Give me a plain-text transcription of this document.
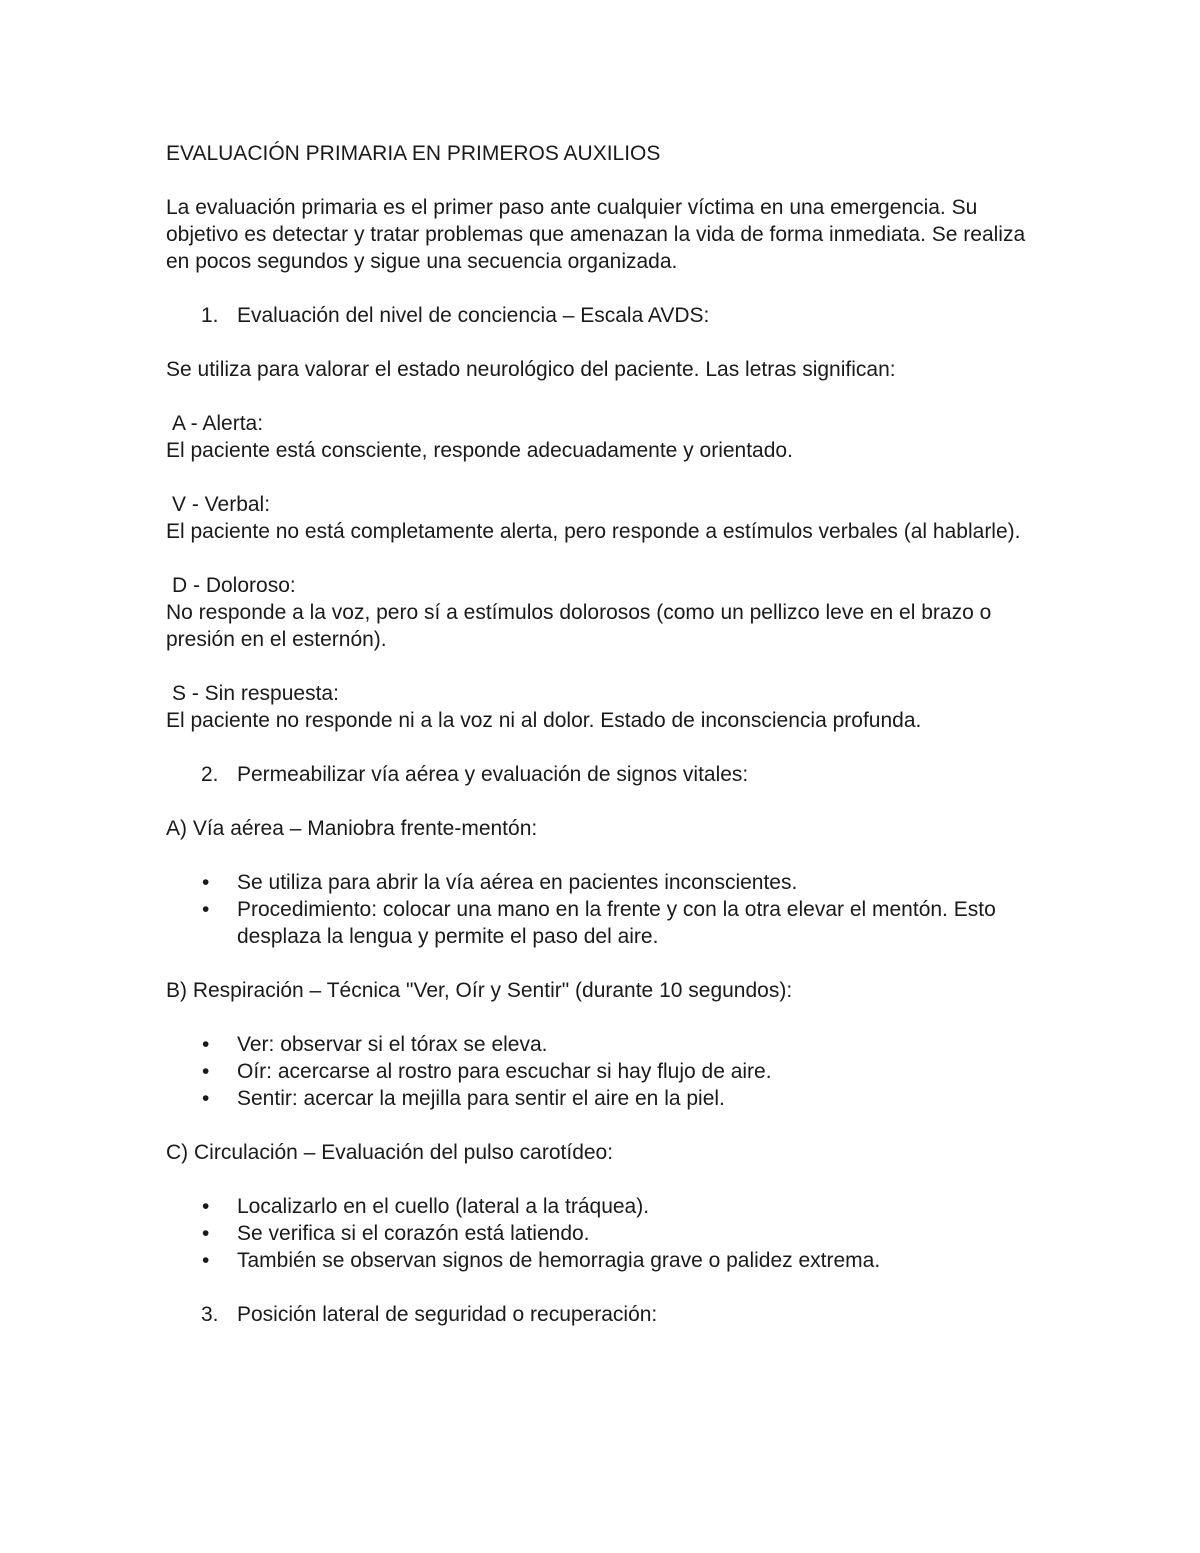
EVALUACIÓN PRIMARIA EN PRIMEROS AUXILIOS

La evaluación primaria es el primer paso ante cualquier víctima en una emergencia. Su objetivo es detectar y tratar problemas que amenazan la vida de forma inmediata. Se realiza en pocos segundos y sigue una secuencia organizada.

1. Evaluación del nivel de conciencia – Escala AVDS:

Se utiliza para valorar el estado neurológico del paciente. Las letras significan:

A - Alerta:

El paciente está consciente, responde adecuadamente y orientado.

V - Verbal:

El paciente no está completamente alerta, pero responde a estímulos verbales (al hablarle).

D - Doloroso:

No responde a la voz, pero sí a estímulos dolorosos (como un pellizco leve en el brazo o presión en el esternón).

S - Sin respuesta:

El paciente no responde ni a la voz ni al dolor. Estado de inconsciencia profunda.

2. Permeabilizar vía aérea y evaluación de signos vitales:

A) Vía aérea – Maniobra frente-mentón:

• Se utiliza para abrir la vía aérea en pacientes inconscientes.
• Procedimiento: colocar una mano en la frente y con la otra elevar el mentón. Esto desplaza la lengua y permite el paso del aire.

B) Respiración – Técnica "Ver, Oír y Sentir" (durante 10 segundos):

• Ver: observar si el tórax se eleva.
• Oír: acercarse al rostro para escuchar si hay flujo de aire.
• Sentir: acercar la mejilla para sentir el aire en la piel.

C) Circulación – Evaluación del pulso carotídeo:

• Localizarlo en el cuello (lateral a la tráquea).
• Se verifica si el corazón está latiendo.
• También se observan signos de hemorragia grave o palidez extrema.
3. Posición lateral de seguridad o recuperación:
